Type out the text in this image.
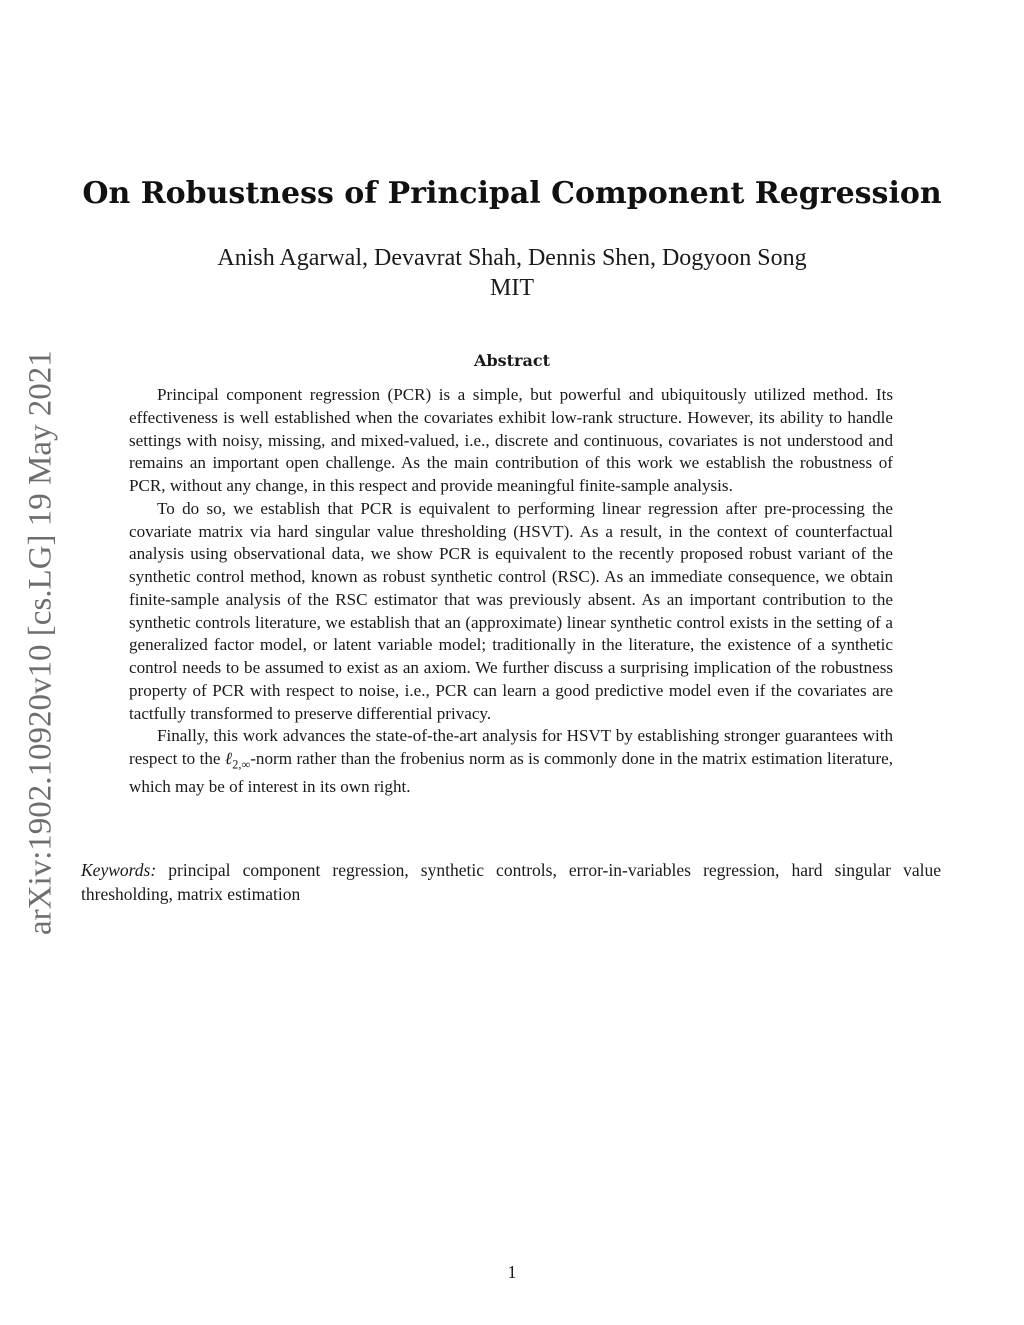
arXiv:1902.10920v10 [cs.LG] 19 May 2021
On Robustness of Principal Component Regression
Anish Agarwal, Devavrat Shah, Dennis Shen, Dogyoon Song
MIT
Abstract

Principal component regression (PCR) is a simple, but powerful and ubiquitously utilized method. Its effectiveness is well established when the covariates exhibit low-rank structure. However, its ability to handle settings with noisy, missing, and mixed-valued, i.e., discrete and continuous, covariates is not understood and remains an important open challenge. As the main contribution of this work we establish the robustness of PCR, without any change, in this respect and provide meaningful finite-sample analysis.

To do so, we establish that PCR is equivalent to performing linear regression after pre-processing the covariate matrix via hard singular value thresholding (HSVT). As a result, in the context of counterfactual analysis using observational data, we show PCR is equivalent to the recently proposed robust variant of the synthetic control method, known as robust synthetic control (RSC). As an immediate consequence, we obtain finite-sample analysis of the RSC estimator that was previously absent. As an important contribution to the synthetic controls literature, we establish that an (approximate) linear synthetic control exists in the setting of a generalized factor model, or latent variable model; traditionally in the literature, the existence of a synthetic control needs to be assumed to exist as an axiom. We further discuss a surprising implication of the robustness property of PCR with respect to noise, i.e., PCR can learn a good predictive model even if the covariates are tactfully transformed to preserve differential privacy.

Finally, this work advances the state-of-the-art analysis for HSVT by establishing stronger guarantees with respect to the ℓ$_{2,\infty}$-norm rather than the frobenius norm as is commonly done in the matrix estimation literature, which may be of interest in its own right.

Keywords: principal component regression, synthetic controls, error-in-variables regression, hard singular value thresholding, matrix estimation
1
